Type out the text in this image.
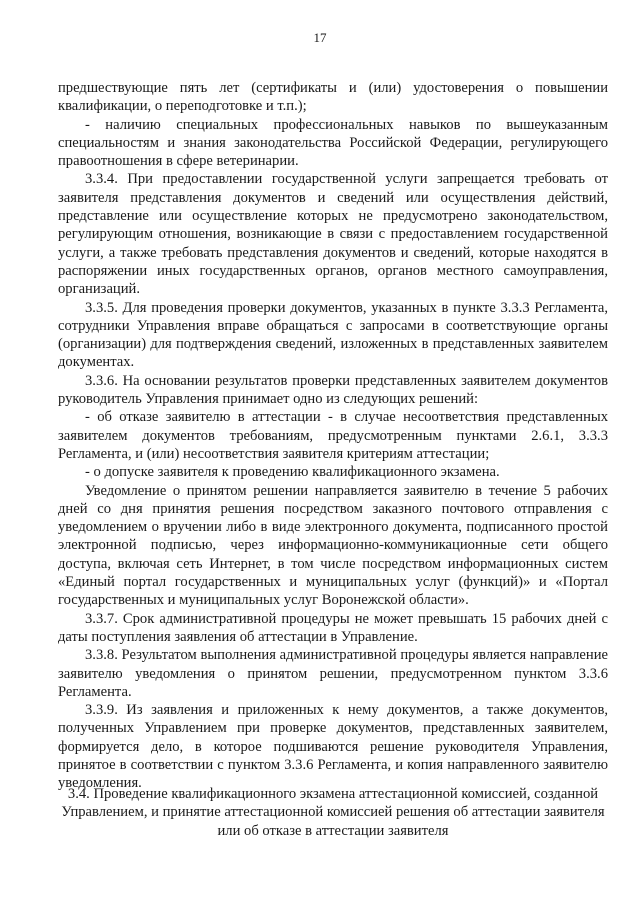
17

предшествующие пять лет (сертификаты и (или) удостоверения о повышении квалификации, о переподготовке и т.п.);

- наличию специальных профессиональных навыков по вышеуказанным специальностям и знания законодательства Российской Федерации, регулирующего правоотношения в сфере ветеринарии.

3.3.4. При предоставлении государственной услуги запрещается требовать от заявителя представления документов и сведений или осуществления действий, представление или осуществление которых не предусмотрено законодательством, регулирующим отношения, возникающие в связи с предоставлением государственной услуги, а также требовать представления документов и сведений, которые находятся в распоряжении иных государственных органов, органов местного самоуправления, организаций.

3.3.5. Для проведения проверки документов, указанных в пункте 3.3.3 Регламента, сотрудники Управления вправе обращаться с запросами в соответствующие органы (организации) для подтверждения сведений, изложенных в представленных заявителем документах.

3.3.6. На основании результатов проверки представленных заявителем документов руководитель Управления принимает одно из следующих решений:

- об отказе заявителю в аттестации - в случае несоответствия представленных заявителем документов требованиям, предусмотренным пунктами 2.6.1, 3.3.3 Регламента, и (или) несоответствия заявителя критериям аттестации;

- о допуске заявителя к проведению квалификационного экзамена.

Уведомление о принятом решении направляется заявителю в течение 5 рабочих дней со дня принятия решения посредством заказного почтового отправления с уведомлением о вручении либо в виде электронного документа, подписанного простой электронной подписью, через информационно-коммуникационные сети общего доступа, включая сеть Интернет, в том числе посредством информационных систем «Единый портал государственных и муниципальных услуг (функций)» и «Портал государственных и муниципальных услуг Воронежской области».

3.3.7. Срок административной процедуры не может превышать 15 рабочих дней с даты поступления заявления об аттестации в Управление.

3.3.8. Результатом выполнения административной процедуры является направление заявителю уведомления о принятом решении, предусмотренном пунктом 3.3.6 Регламента.

3.3.9. Из заявления и приложенных к нему документов, а также документов, полученных Управлением при проверке документов, представленных заявителем, формируется дело, в которое подшиваются решение руководителя Управления, принятое в соответствии с пунктом 3.3.6 Регламента, и копия направленного заявителю уведомления.

3.4. Проведение квалификационного экзамена аттестационной комиссией, созданной Управлением, и принятие аттестационной комиссией решения об аттестации заявителя или об отказе в аттестации заявителя
